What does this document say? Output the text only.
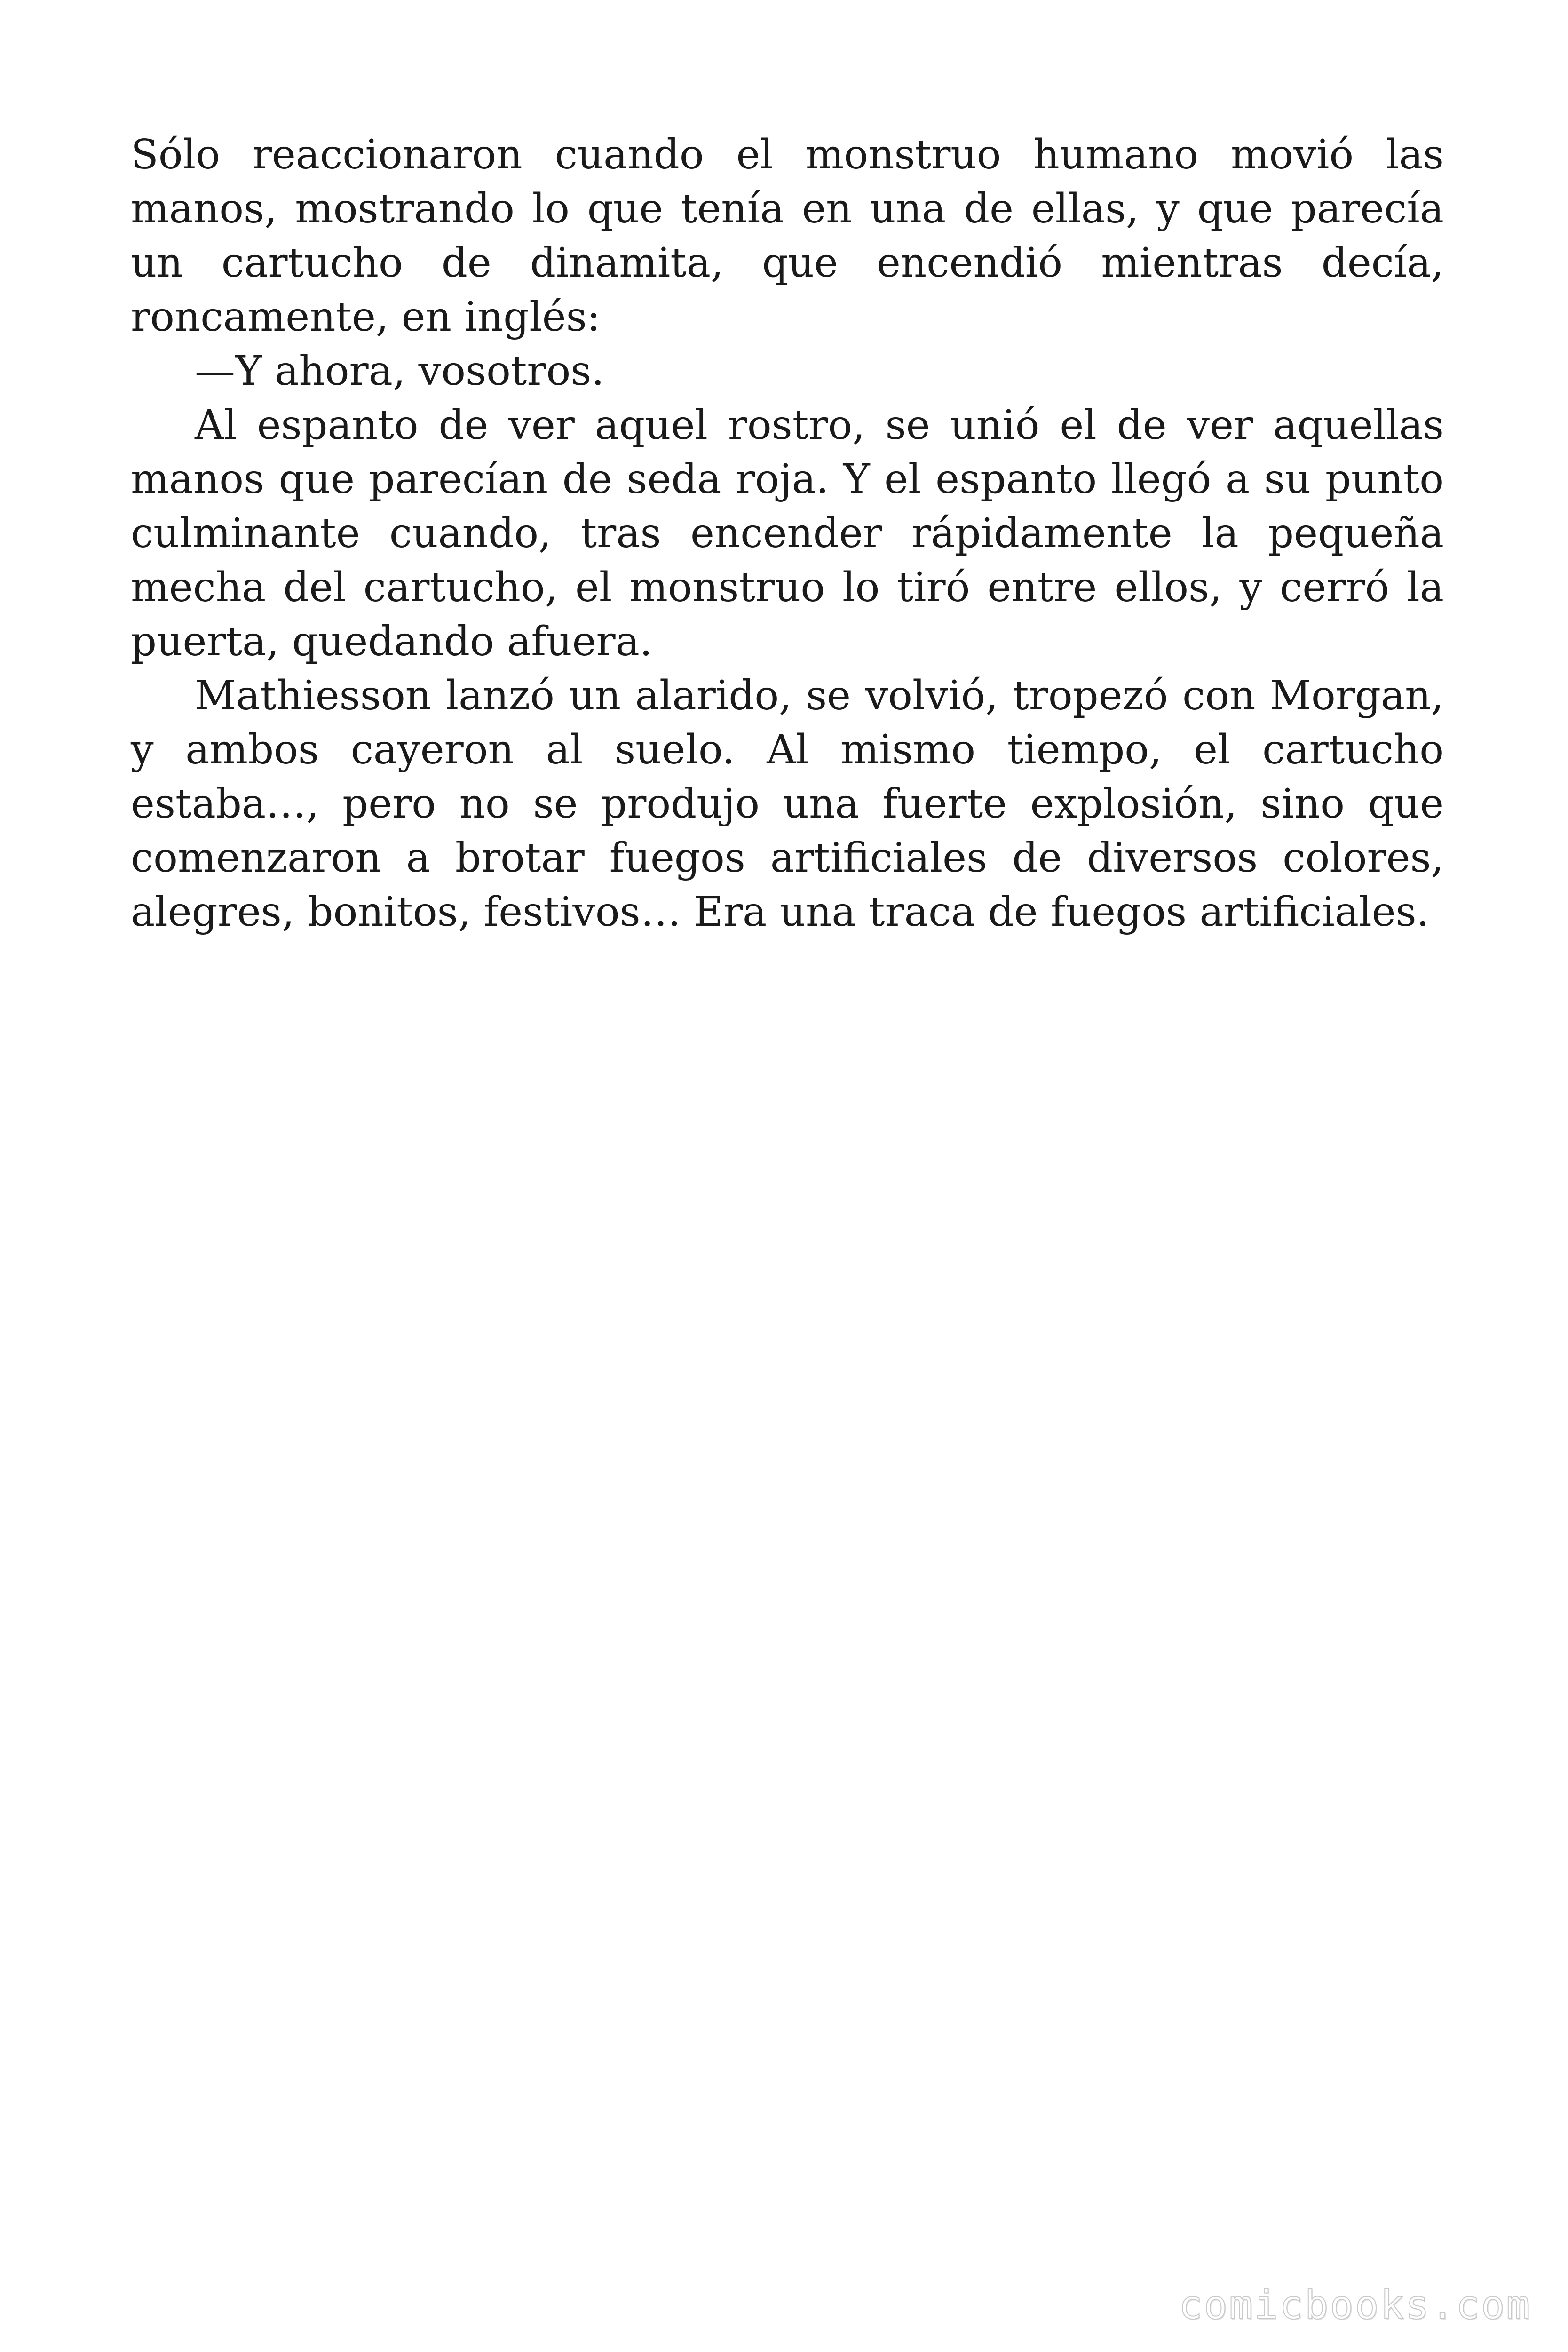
Sólo reaccionaron cuando el monstruo humano movió las manos, mostrando lo que tenía en una de ellas, y que parecía un cartucho de dinamita, que encendió mientras decía, roncamente, en inglés:

—Y ahora, vosotros.

Al espanto de ver aquel rostro, se unió el de ver aquellas manos que parecían de seda roja. Y el espanto llegó a su punto culminante cuando, tras encender rápidamente la pequeña mecha del cartucho, el monstruo lo tiró entre ellos, y cerró la puerta, quedando afuera.

Mathiesson lanzó un alarido, se volvió, tropezó con Morgan, y ambos cayeron al suelo. Al mismo tiempo, el cartucho estaba…, pero no se produjo una fuerte explosión, sino que comenzaron a brotar fuegos artificiales de diversos colores, alegres, bonitos, festivos… Era una traca de fuegos artificiales.

comicbooks.com
